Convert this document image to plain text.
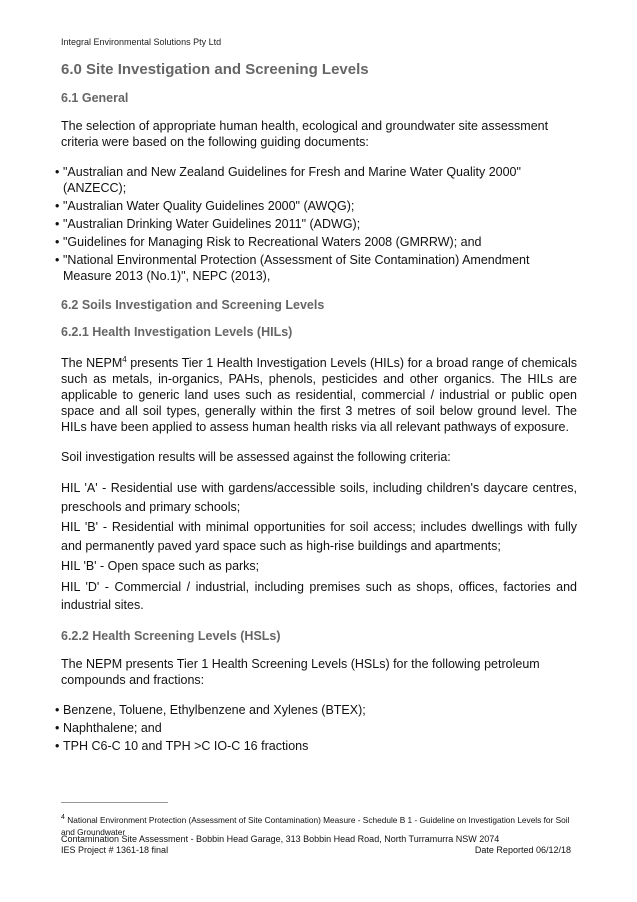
Integral Environmental Solutions Pty Ltd
6.0 Site Investigation and Screening Levels
6.1 General

The selection of appropriate human health, ecological and groundwater site assessment criteria were based on the following guiding documents:

• "Australian and New Zealand Guidelines for Fresh and Marine Water Quality 2000" (ANZECC);
• "Australian Water Quality Guidelines 2000" (AWQG);
• "Australian Drinking Water Guidelines 2011" (ADWG);
• "Guidelines for Managing Risk to Recreational Waters 2008 (GMRRW); and
• "National Environmental Protection (Assessment of Site Contamination) Amendment Measure 2013 (No.1)", NEPC (2013),
6.2 Soils Investigation and Screening Levels
6.2.1 Health Investigation Levels (HILs)

The NEPM$^4$ presents Tier 1 Health Investigation Levels (HILs) for a broad range of chemicals such as metals, in-organics, PAHs, phenols, pesticides and other organics. The HILs are applicable to generic land uses such as residential, commercial / industrial or public open space and all soil types, generally within the first 3 metres of soil below ground level. The HILs have been applied to assess human health risks via all relevant pathways of exposure.

Soil investigation results will be assessed against the following criteria:

HIL 'A' - Residential use with gardens/accessible soils, including children's daycare centres, preschools and primary schools;

HIL 'B' - Residential with minimal opportunities for soil access; includes dwellings with fully and permanently paved yard space such as high-rise buildings and apartments;

HIL 'B' - Open space such as parks;

HIL 'D' - Commercial / industrial, including premises such as shops, offices, factories and industrial sites.

6.2.2 Health Screening Levels (HSLs)

The NEPM presents Tier 1 Health Screening Levels (HSLs) for the following petroleum compounds and fractions:

• Benzene, Toluene, Ethylbenzene and Xylenes (BTEX);
• Naphthalene; and
• TPH C6-C 10 and TPH >C IO-C 16 fractions
$^4$ National Environment Protection (Assessment of Site Contamination) Measure - Schedule B 1 - Guideline on Investigation Levels for Soil and Groundwater
Contamination Site Assessment - Bobbin Head Garage, 313 Bobbin Head Road, North Turramurra NSW 2074
IES Project # 1361-18 final	Date Reported 06/12/18
